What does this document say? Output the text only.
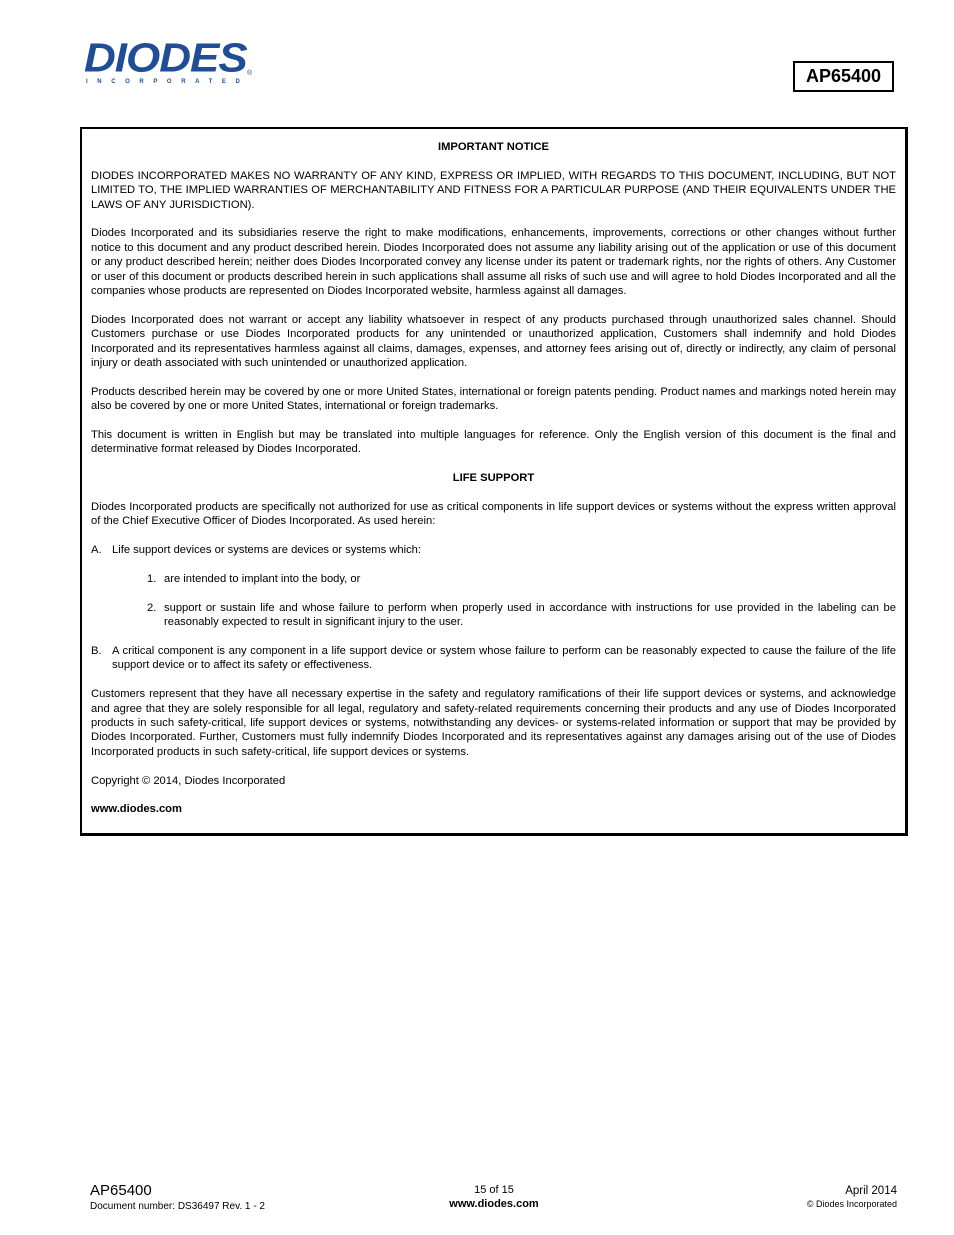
DIODES ®
INCORPORATED	AP65400

IMPORTANT NOTICE

DIODES INCORPORATED MAKES NO WARRANTY OF ANY KIND, EXPRESS OR IMPLIED, WITH REGARDS TO THIS DOCUMENT, INCLUDING, BUT NOT LIMITED TO, THE IMPLIED WARRANTIES OF MERCHANTABILITY AND FITNESS FOR A PARTICULAR PURPOSE (AND THEIR EQUIVALENTS UNDER THE LAWS OF ANY JURISDICTION).

Diodes Incorporated and its subsidiaries reserve the right to make modifications, enhancements, improvements, corrections or other changes without further notice to this document and any product described herein. Diodes Incorporated does not assume any liability arising out of the application or use of this document or any product described herein; neither does Diodes Incorporated convey any license under its patent or trademark rights, nor the rights of others. Any Customer or user of this document or products described herein in such applications shall assume all risks of such use and will agree to hold Diodes Incorporated and all the companies whose products are represented on Diodes Incorporated website, harmless against all damages.

Diodes Incorporated does not warrant or accept any liability whatsoever in respect of any products purchased through unauthorized sales channel. Should Customers purchase or use Diodes Incorporated products for any unintended or unauthorized application, Customers shall indemnify and hold Diodes Incorporated and its representatives harmless against all claims, damages, expenses, and attorney fees arising out of, directly or indirectly, any claim of personal injury or death associated with such unintended or unauthorized application.

Products described herein may be covered by one or more United States, international or foreign patents pending. Product names and markings noted herein may also be covered by one or more United States, international or foreign trademarks.

This document is written in English but may be translated into multiple languages for reference. Only the English version of this document is the final and determinative format released by Diodes Incorporated.

LIFE SUPPORT

Diodes Incorporated products are specifically not authorized for use as critical components in life support devices or systems without the express written approval of the Chief Executive Officer of Diodes Incorporated. As used herein:

A. Life support devices or systems are devices or systems which:

1. are intended to implant into the body, or

2. support or sustain life and whose failure to perform when properly used in accordance with instructions for use provided in the labeling can be reasonably expected to result in significant injury to the user.

B. A critical component is any component in a life support device or system whose failure to perform can be reasonably expected to cause the failure of the life support device or to affect its safety or effectiveness.

Customers represent that they have all necessary expertise in the safety and regulatory ramifications of their life support devices or systems, and acknowledge and agree that they are solely responsible for all legal, regulatory and safety-related requirements concerning their products and any use of Diodes Incorporated products in such safety-critical, life support devices or systems, notwithstanding any devices- or systems-related information or support that may be provided by Diodes Incorporated. Further, Customers must fully indemnify Diodes Incorporated and its representatives against any damages arising out of the use of Diodes Incorporated products in such safety-critical, life support devices or systems.

Copyright © 2014, Diodes Incorporated

www.diodes.com

AP65400
Document number: DS36497 Rev. 1 - 2
15 of 15
www.diodes.com
April 2014
© Diodes Incorporated
